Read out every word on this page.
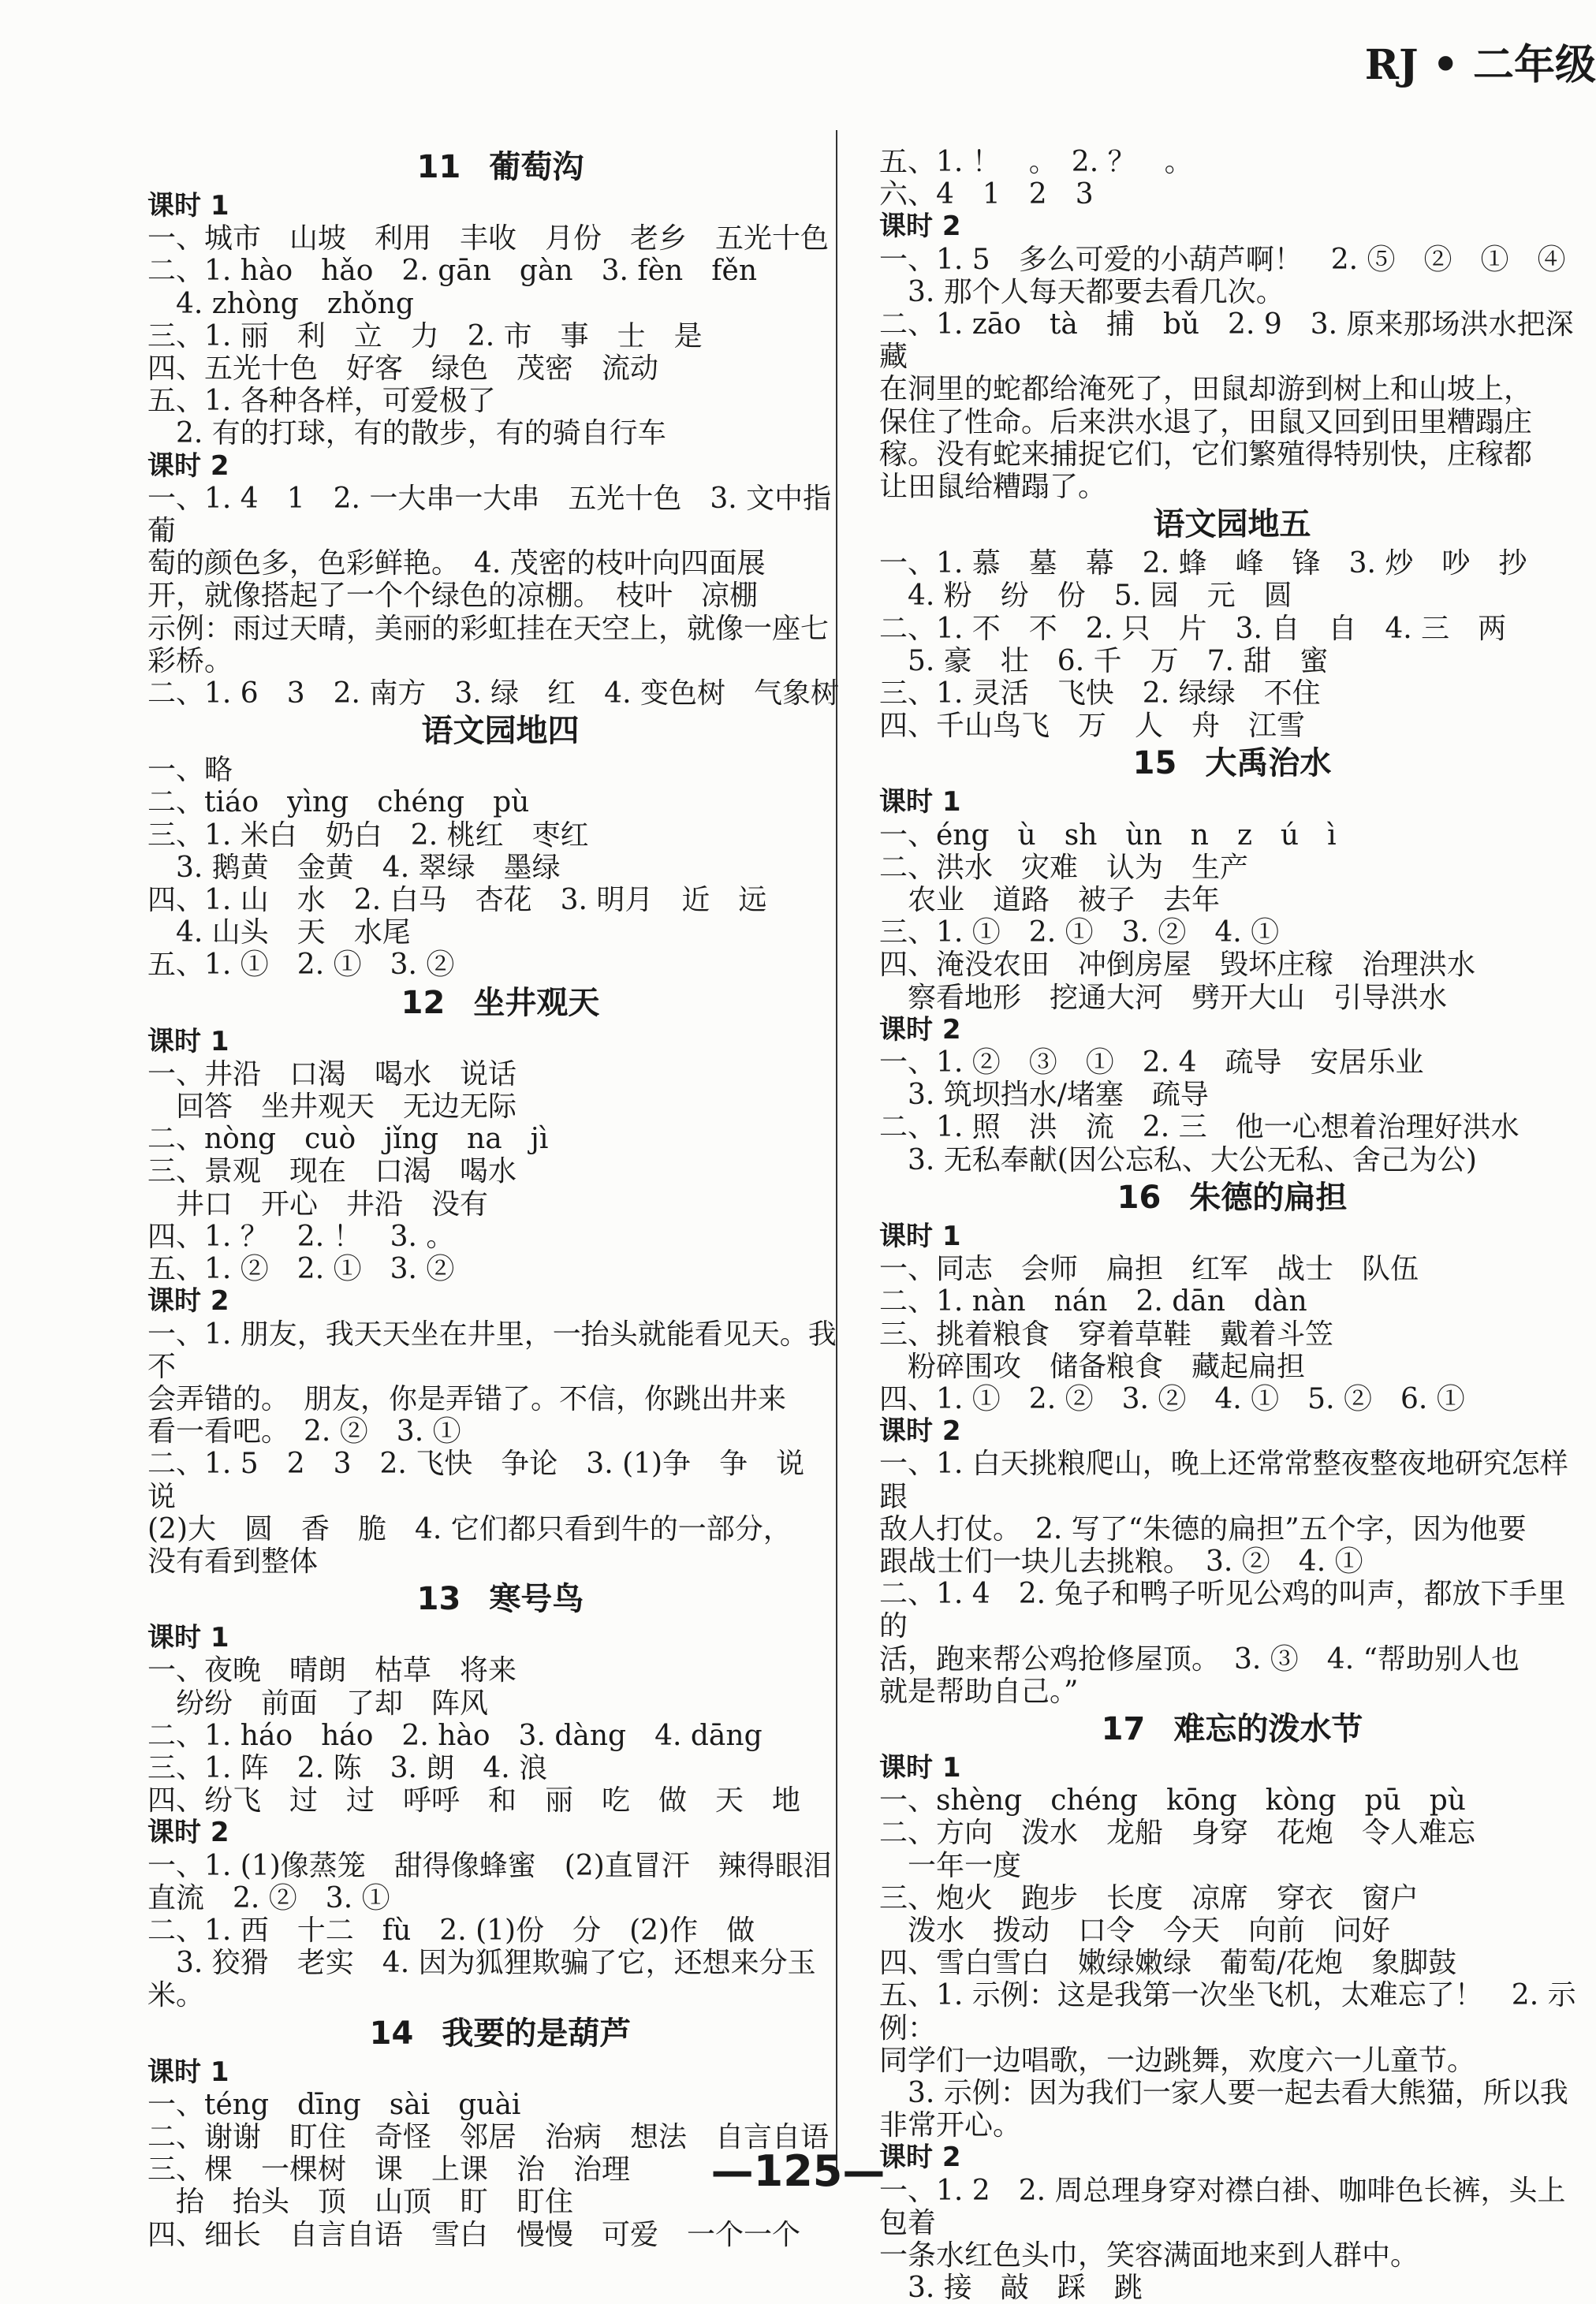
RJ • 二年级
11 葡萄沟
课时 1
一、城市　山坡　利用　丰收　月份　老乡　五光十色
二、1. hào　hǎo　2. gān　gàn　3. fèn　fěn
　4. zhòng　zhǒng
三、1. 丽　利　立　力　2. 市　事　士　是
四、五光十色　好客　绿色　茂密　流动
五、1. 各种各样，可爱极了
　2. 有的打球，有的散步，有的骑自行车
课时 2
一、1. 4　1　2. 一大串一大串　五光十色　3. 文中指葡
萄的颜色多，色彩鲜艳。　4. 茂密的枝叶向四面展
开，就像搭起了一个个绿色的凉棚。　枝叶　凉棚
示例：雨过天晴，美丽的彩虹挂在天空上，就像一座七
彩桥。
二、1. 6　3　2. 南方　3. 绿　红　4. 变色树　气象树
语文园地四
一、略
二、tiáo　yìng　chéng　pù
三、1. 米白　奶白　2. 桃红　枣红
　3. 鹅黄　金黄　4. 翠绿　墨绿
四、1. 山　水　2. 白马　杏花　3. 明月　近　远
　4. 山头　天　水尾
五、1. ①　2. ①　3. ②
12 坐井观天
课时 1
一、井沿　口渴　喝水　说话
　回答　坐井观天　无边无际
二、nòng　cuò　jǐng　na　jì
三、景观　现在　口渴　喝水
　井口　开心　井沿　没有
四、1. ？　2. ！　3. 。
五、1. ②　2. ①　3. ②
课时 2
一、1. 朋友，我天天坐在井里，一抬头就能看见天。我不
会弄错的。　朋友，你是弄错了。不信，你跳出井来
看一看吧。　2. ②　3. ①
二、1. 5　2　3　2. 飞快　争论　3. (1)争　争　说　说
(2)大　圆　香　脆　4. 它们都只看到牛的一部分，
没有看到整体
13 寒号鸟
课时 1
一、夜晚　晴朗　枯草　将来
　纷纷　前面　了却　阵风
二、1. háo　háo　2. hào　3. dàng　4. dāng
三、1. 阵　2. 陈　3. 朗　4. 浪
四、纷飞　过　过　呼呼　和　丽　吃　做　天　地
课时 2
一、1. (1)像蒸笼　甜得像蜂蜜　(2)直冒汗　辣得眼泪
直流　2. ②　3. ①
二、1. 西　十二　fù　2. (1)份　分　(2)作　做
　3. 狡猾　老实　4. 因为狐狸欺骗了它，还想来分玉米。
14 我要的是葫芦
课时 1
一、téng　dīng　sài　guài
二、谢谢　盯住　奇怪　邻居　治病　想法　自言自语
三、棵　一棵树　课　上课　治　治理
　抬　抬头　顶　山顶　盯　盯住
四、细长　自言自语　雪白　慢慢　可爱　一个一个
五、1. ！　。　2. ？　。
六、4　1　2　3
课时 2
一、1. 5　多么可爱的小葫芦啊！　2. ⑤　②　①　④
　3. 那个人每天都要去看几次。
二、1. zāo　tà　捕　bǔ　2. 9　3. 原来那场洪水把深藏
在洞里的蛇都给淹死了，田鼠却游到树上和山坡上，
保住了性命。后来洪水退了，田鼠又回到田里糟蹋庄
稼。没有蛇来捕捉它们，它们繁殖得特别快，庄稼都
让田鼠给糟蹋了。
语文园地五
一、1. 慕　墓　幕　2. 蜂　峰　锋　3. 炒　吵　抄
　4. 粉　纷　份　5. 园　元　圆
二、1. 不　不　2. 只　片　3. 自　自　4. 三　两
　5. 豪　壮　6. 千　万　7. 甜　蜜
三、1. 灵活　飞快　2. 绿绿　不住
四、千山鸟飞　万　人　舟　江雪
15 大禹治水
课时 1
一、éng　ù　sh　ùn　n　z　ú　ì
二、洪水　灾难　认为　生产
　农业　道路　被子　去年
三、1. ①　2. ①　3. ②　4. ①
四、淹没农田　冲倒房屋　毁坏庄稼　治理洪水
　察看地形　挖通大河　劈开大山　引导洪水
课时 2
一、1. ②　③　①　2. 4　疏导　安居乐业
　3. 筑坝挡水/堵塞　疏导
二、1. 照　洪　流　2. 三　他一心想着治理好洪水
　3. 无私奉献(因公忘私、大公无私、舍己为公)
16 朱德的扁担
课时 1
一、同志　会师　扁担　红军　战士　队伍
二、1. nàn　nán　2. dān　dàn
三、挑着粮食　穿着草鞋　戴着斗笠
　粉碎围攻　储备粮食　藏起扁担
四、1. ①　2. ②　3. ②　4. ①　5. ②　6. ①
课时 2
一、1. 白天挑粮爬山，晚上还常常整夜整夜地研究怎样跟
敌人打仗。　2. 写了“朱德的扁担”五个字，因为他要
跟战士们一块儿去挑粮。　3. ②　4. ①
二、1. 4　2. 兔子和鸭子听见公鸡的叫声，都放下手里的
活，跑来帮公鸡抢修屋顶。　3. ③　4. “帮助别人也
就是帮助自己。”
17 难忘的泼水节
课时 1
一、shèng　chéng　kōng　kòng　pū　pù
二、方向　泼水　龙船　身穿　花炮　令人难忘
　一年一度
三、炮火　跑步　长度　凉席　穿衣　窗户
　泼水　拨动　口令　今天　向前　问好
四、雪白雪白　嫩绿嫩绿　葡萄/花炮　象脚鼓
五、1. 示例：这是我第一次坐飞机，太难忘了！　2. 示例：
同学们一边唱歌，一边跳舞，欢度六一儿童节。
　3. 示例：因为我们一家人要一起去看大熊猫，所以我
非常开心。
课时 2
一、1. 2　2. 周总理身穿对襟白褂、咖啡色长裤，头上包着
一条水红色头巾，笑容满面地来到人群中。
　3. 接　敲　踩　跳
—125—
